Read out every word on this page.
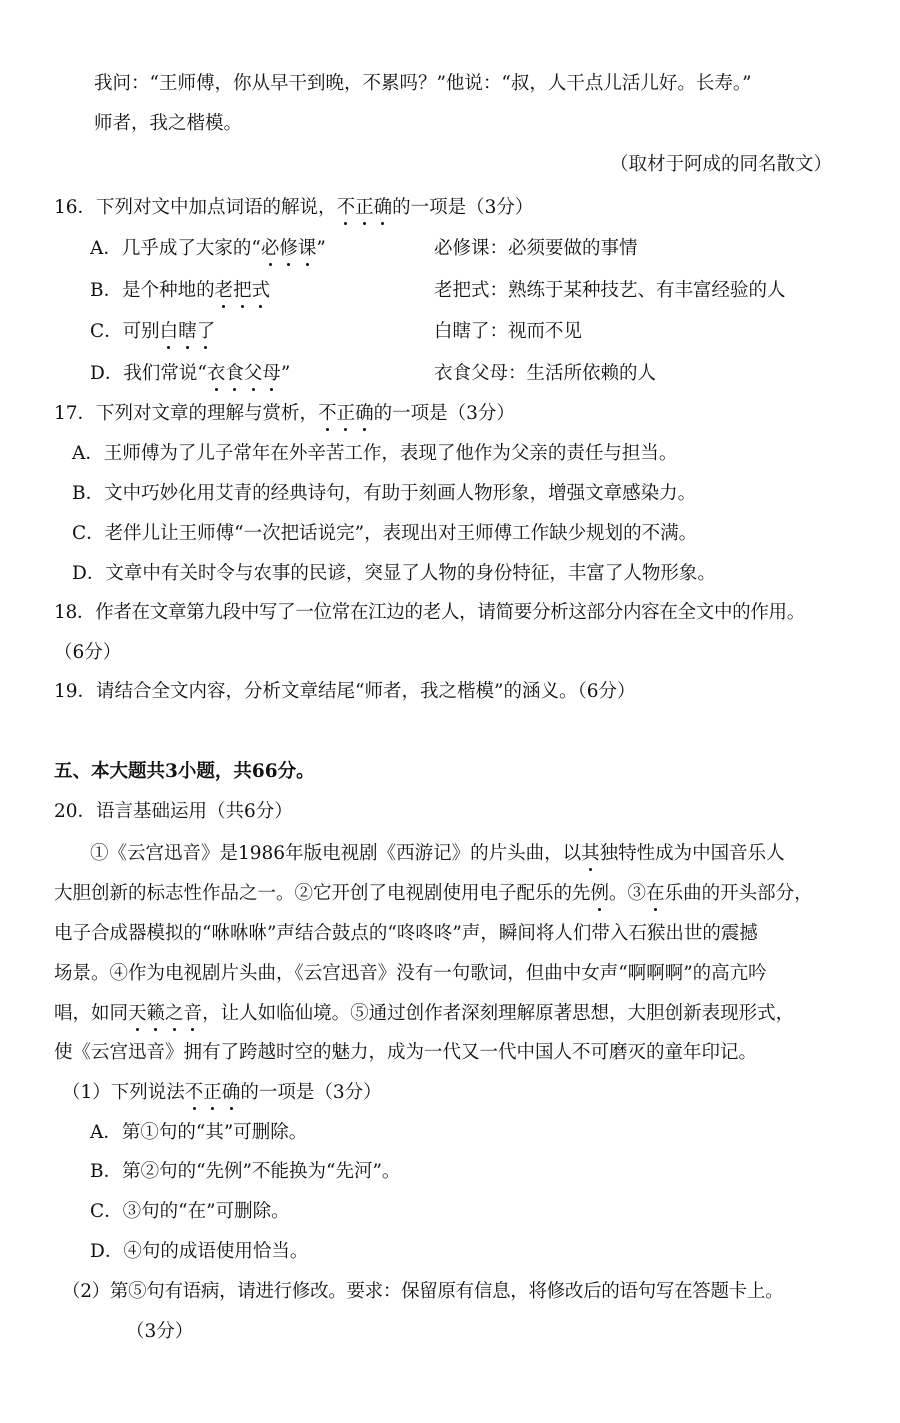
我问：“王师傅，你从早干到晚，不累吗？”他说：“叔，人干点儿活儿好。长寿。”
师者，我之楷模。
（取材于阿成的同名散文）
16．下列对文中加点词语的解说，不正确的一项是（3分）
A．几乎成了大家的“必修课”	必修课：必须要做的事情
B．是个种地的老把式	老把式：熟练于某种技艺、有丰富经验的人
C．可别白瞎了	白瞎了：视而不见
D．我们常说“衣食父母”	衣食父母：生活所依赖的人
17．下列对文章的理解与赏析，不正确的一项是（3分）
A．王师傅为了儿子常年在外辛苦工作，表现了他作为父亲的责任与担当。
B．文中巧妙化用艾青的经典诗句，有助于刻画人物形象，增强文章感染力。
C．老伴儿让王师傅“一次把话说完”，表现出对王师傅工作缺少规划的不满。
D．文章中有关时令与农事的民谚，突显了人物的身份特征，丰富了人物形象。
18．作者在文章第九段中写了一位常在江边的老人，请简要分析这部分内容在全文中的作用。
（6分）
19．请结合全文内容，分析文章结尾“师者，我之楷模”的涵义。（6分）
五、本大题共3小题，共66分。
20．语言基础运用（共6分）
①《云宫迅音》是1986年版电视剧《西游记》的片头曲，以其独特性成为中国音乐人
大胆创新的标志性作品之一。②它开创了电视剧使用电子配乐的先例。③在乐曲的开头部分，
电子合成器模拟的“咻咻咻”声结合鼓点的“咚咚咚”声，瞬间将人们带入石猴出世的震撼
场景。④作为电视剧片头曲，《云宫迅音》没有一句歌词，但曲中女声“啊啊啊”的高亢吟
唱，如同天籁之音，让人如临仙境。⑤通过创作者深刻理解原著思想，大胆创新表现形式，
使《云宫迅音》拥有了跨越时空的魅力，成为一代又一代中国人不可磨灭的童年印记。
（1）下列说法不正确的一项是（3分）
A．第①句的“其”可删除。
B．第②句的“先例”不能换为“先河”。
C．③句的“在”可删除。
D．④句的成语使用恰当。
（2）第⑤句有语病，请进行修改。要求：保留原有信息，将修改后的语句写在答题卡上。
（3分）
